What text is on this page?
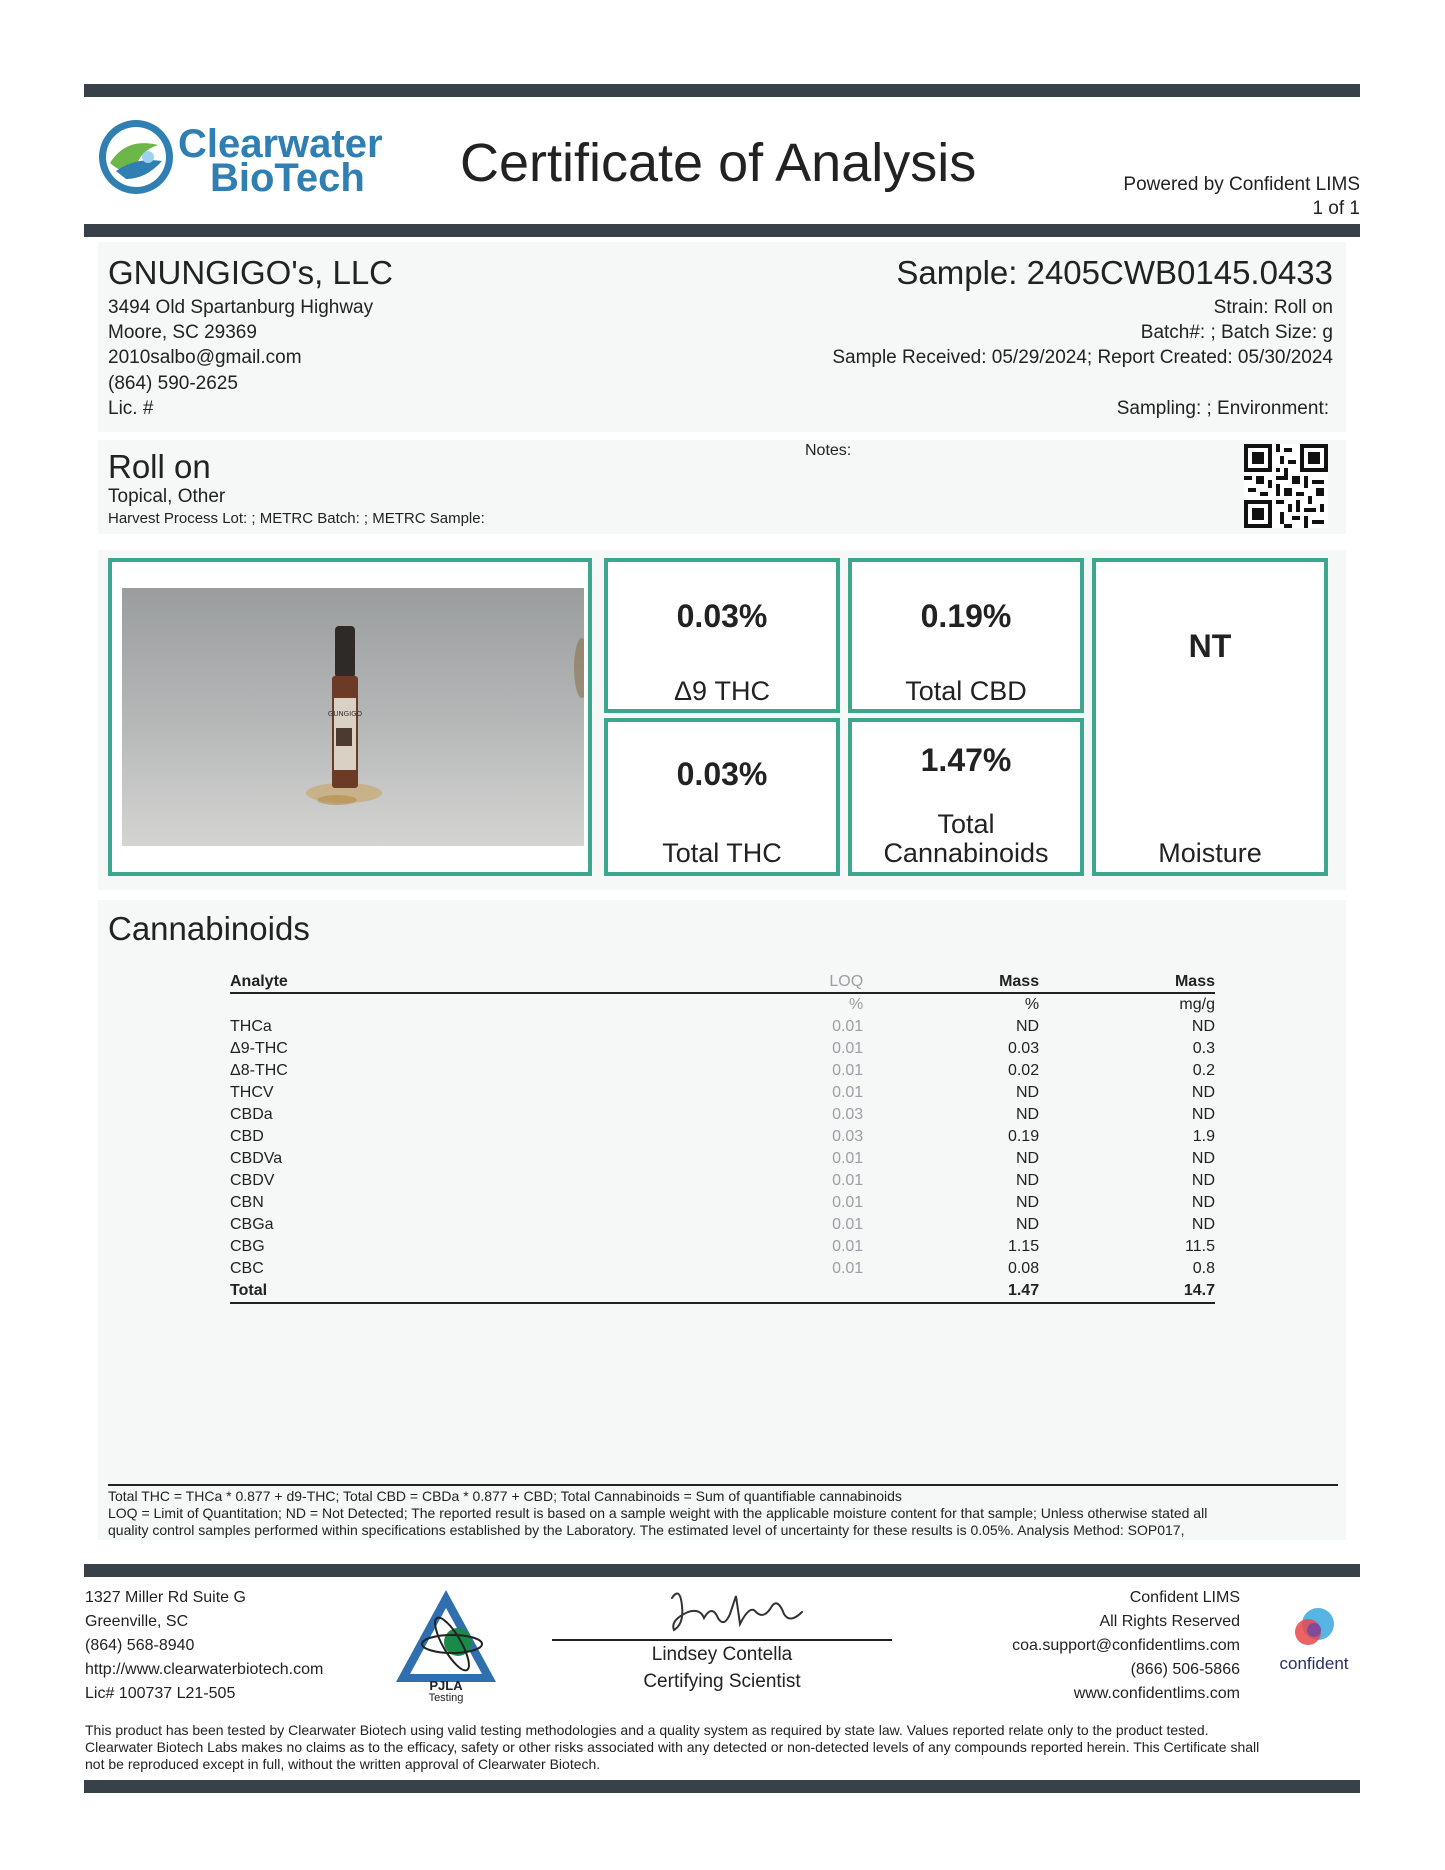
Clearwater
BioTech Certificate of Analysis	Powered by Confident LIMS
1 of 1
GNUNGIGO's, LLC
3494 Old Spartanburg Highway
Moore, SC 29369
2010salbo@gmail.com
(864) 590-2625
Lic. #
Sample: 2405CWB0145.0433
Strain: Roll on
Batch#: ; Batch Size: g
Sample Received: 05/29/2024; Report Created: 05/30/2024
Sampling: ; Environment:
Roll on
Topical, Other
Harvest Process Lot: ; METRC Batch: ; METRC Sample:
Notes:
GUNGIGO
0.03%
Δ9 THC
0.19%
Total CBD
0.03%
Total THC
1.47%
Total
Cannabinoids
NT
Moisture
Cannabinoids
Analyte	LOQ	Mass	Mass
	%	%	mg/g
THCa	0.01	ND	ND
Δ9-THC	0.01	0.03	0.3
Δ8-THC	0.01	0.02	0.2
THCV	0.01	ND	ND
CBDa	0.03	ND	ND
CBD	0.03	0.19	1.9
CBDVa	0.01	ND	ND
CBDV	0.01	ND	ND
CBN	0.01	ND	ND
CBGa	0.01	ND	ND
CBG	0.01	1.15	11.5
CBC	0.01	0.08	0.8
Total		1.47	14.7
Total THC = THCa * 0.877 + d9-THC; Total CBD = CBDa * 0.877 + CBD; Total Cannabinoids = Sum of quantifiable cannabinoids
LOQ = Limit of Quantitation; ND = Not Detected; The reported result is based on a sample weight with the applicable moisture content for that sample; Unless otherwise stated all
quality control samples performed within specifications established by the Laboratory. The estimated level of uncertainty for these results is 0.05%. Analysis Method: SOP017,
1327 Miller Rd Suite G
Greenville, SC
(864) 568-8940
http://www.clearwaterbiotech.com
Lic# 100737 L21-505	PJLA
Testing
Lindsey Contella
Certifying Scientist
Confident LIMS
All Rights Reserved
coa.support@confidentlims.com
(866) 506-5866
www.confidentlims.com
confident
This product has been tested by Clearwater Biotech using valid testing methodologies and a quality system as required by state law. Values reported relate only to the product tested.
Clearwater Biotech Labs makes no claims as to the efficacy, safety or other risks associated with any detected or non-detected levels of any compounds reported herein. This Certificate shall
not be reproduced except in full, without the written approval of Clearwater Biotech.
